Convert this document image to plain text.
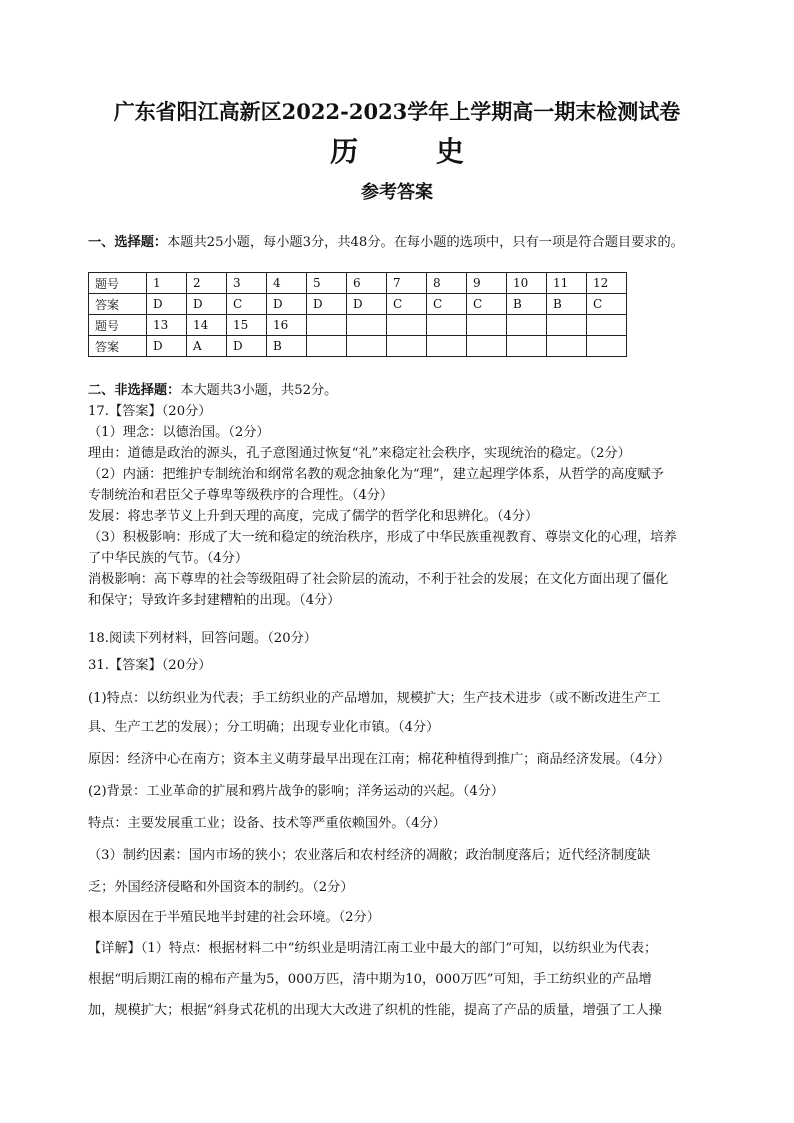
广东省阳江高新区2022-2023学年上学期高一期末检测试卷
历 史
参考答案
一、选择题：本题共25小题，每小题3分，共48分。在每小题的选项中，只有一项是符合题目要求的。
题号	1	2	3	4	5	6	7	8	9	10	11	12
答案	D	D	C	D	D	D	C	C	C	B	B	C
题号	13	14	15	16								
答案	D	A	D	B								
二、非选择题：本大题共3小题，共52分。
17.【答案】（20分）
（1）理念：以德治国。（2分）
理由：道德是政治的源头，孔子意图通过恢复“礼”来稳定社会秩序，实现统治的稳定。（2分）
（2）内涵：把维护专制统治和纲常名教的观念抽象化为“理”，建立起理学体系，从哲学的高度赋予
专制统治和君臣父子尊卑等级秩序的合理性。（4分）
发展：将忠孝节义上升到天理的高度，完成了儒学的哲学化和思辨化。（4分）
（3）积极影响：形成了大一统和稳定的统治秩序，形成了中华民族重视教育、尊崇文化的心理，培养
了中华民族的气节。（4分）
消极影响：高下尊卑的社会等级阻碍了社会阶层的流动，不利于社会的发展；在文化方面出现了僵化
和保守；导致许多封建糟粕的出现。（4分）
18.阅读下列材料，回答问题。（20分）
31.【答案】（20分）
(1)特点：以纺织业为代表；手工纺织业的产品增加，规模扩大；生产技术进步（或不断改进生产工
具、生产工艺的发展）；分工明确；出现专业化市镇。（4分）
原因：经济中心在南方；资本主义萌芽最早出现在江南；棉花种植得到推广；商品经济发展。（4分）
(2)背景：工业革命的扩展和鸦片战争的影响；洋务运动的兴起。（4分）
特点：主要发展重工业；设备、技术等严重依赖国外。（4分）
（3）制约因素：国内市场的狭小；农业落后和农村经济的凋敝；政治制度落后；近代经济制度缺
乏；外国经济侵略和外国资本的制约。（2分）
根本原因在于半殖民地半封建的社会环境。（2分）
【详解】（1）特点：根据材料二中“纺织业是明清江南工业中最大的部门”可知，以纺织业为代表；
根据“明后期江南的棉布产量为5，000万匹，清中期为10，000万匹”可知，手工纺织业的产品增
加，规模扩大；根据“斜身式花机的出现大大改进了织机的性能，提高了产品的质量，增强了工人操
